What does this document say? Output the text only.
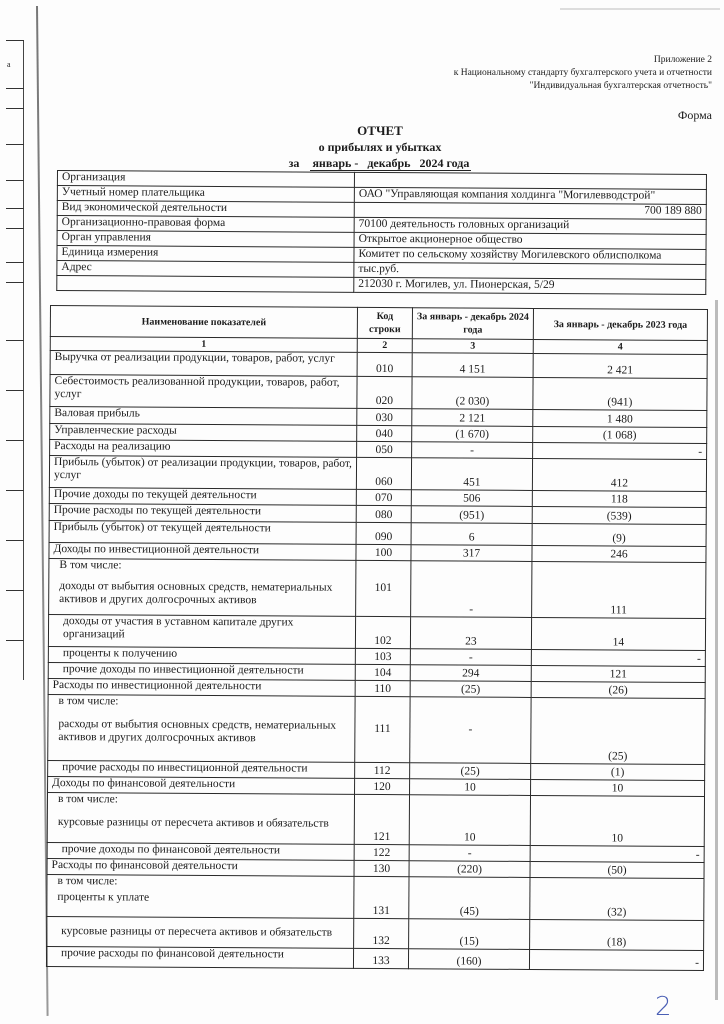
а	Приложение 2
к Национальному стандарту бухгалтерского учета и отчетности
"Индивидуальная бухгалтерская отчетность"
Форма
ОТЧЕТ
о прибылях и убытках
за январь -   декабрь   2024 года
Организация	
Учетный номер плательщика	ОАО "Управляющая компания холдинга "Могилевводстрой"
Вид экономической деятельности	700 189 880
Организационно-правовая форма	70100 деятельность головных организаций
Орган управления	Открытое акционерное общество
Единица измерения	Комитет по сельскому хозяйству Могилевского облисполкома
Адрес	тыс.руб.
	212030 г. Могилев, ул. Пионерская, 5/29
Наименование показателей	Код строки	За январь - декабрь 2024 года	За январь - декабрь 2023 года
1	2	3	4
Выручка от реализации продукции, товаров, работ, услуг	010	4 151	2 421
Себестоимость реализованной продукции, товаров, работ, услуг	020	(2 030)	(941)
Валовая прибыль	030	2 121	1 480
Управленческие расходы	040	(1 670)	(1 068)
Расходы на реализацию	050	-	-
Прибыль (убыток) от реализации продукции, товаров, работ, услуг	060	451	412
Прочие доходы по текущей деятельности	070	506	118
Прочие расходы по текущей деятельности	080	(951)	(539)
Прибыль (убыток) от текущей деятельности	090	6	(9)
Доходы по инвестиционной деятельности	100	317	246

В том числе:
доходы от выбытия основных средств, нематериальных активов и других долгосрочных активов	101	-	111
доходы от участия в уставном капитале других организаций	102	23	14
проценты к получению	103	-	-
прочие доходы по инвестиционной деятельности	104	294	121
Расходы по инвестиционной деятельности	110	(25)	(26)

в том числе:
расходы от выбытия основных средств, нематериальных активов и других долгосрочных активов	111	-	(25)
прочие расходы по инвестиционной деятельности	112	(25)	(1)
Доходы по финансовой деятельности	120	10	10

в том числе:
курсовые разницы от пересчета активов и обязательств	121	10	10
прочие доходы по финансовой деятельности	122	-	-
Расходы по финансовой деятельности	130	(220)	(50)

в том числе:
проценты к уплате	131	(45)	(32)
курсовые разницы от пересчета активов и обязательств	132	(15)	(18)
прочие расходы по финансовой деятельности	133	(160)	-
2
